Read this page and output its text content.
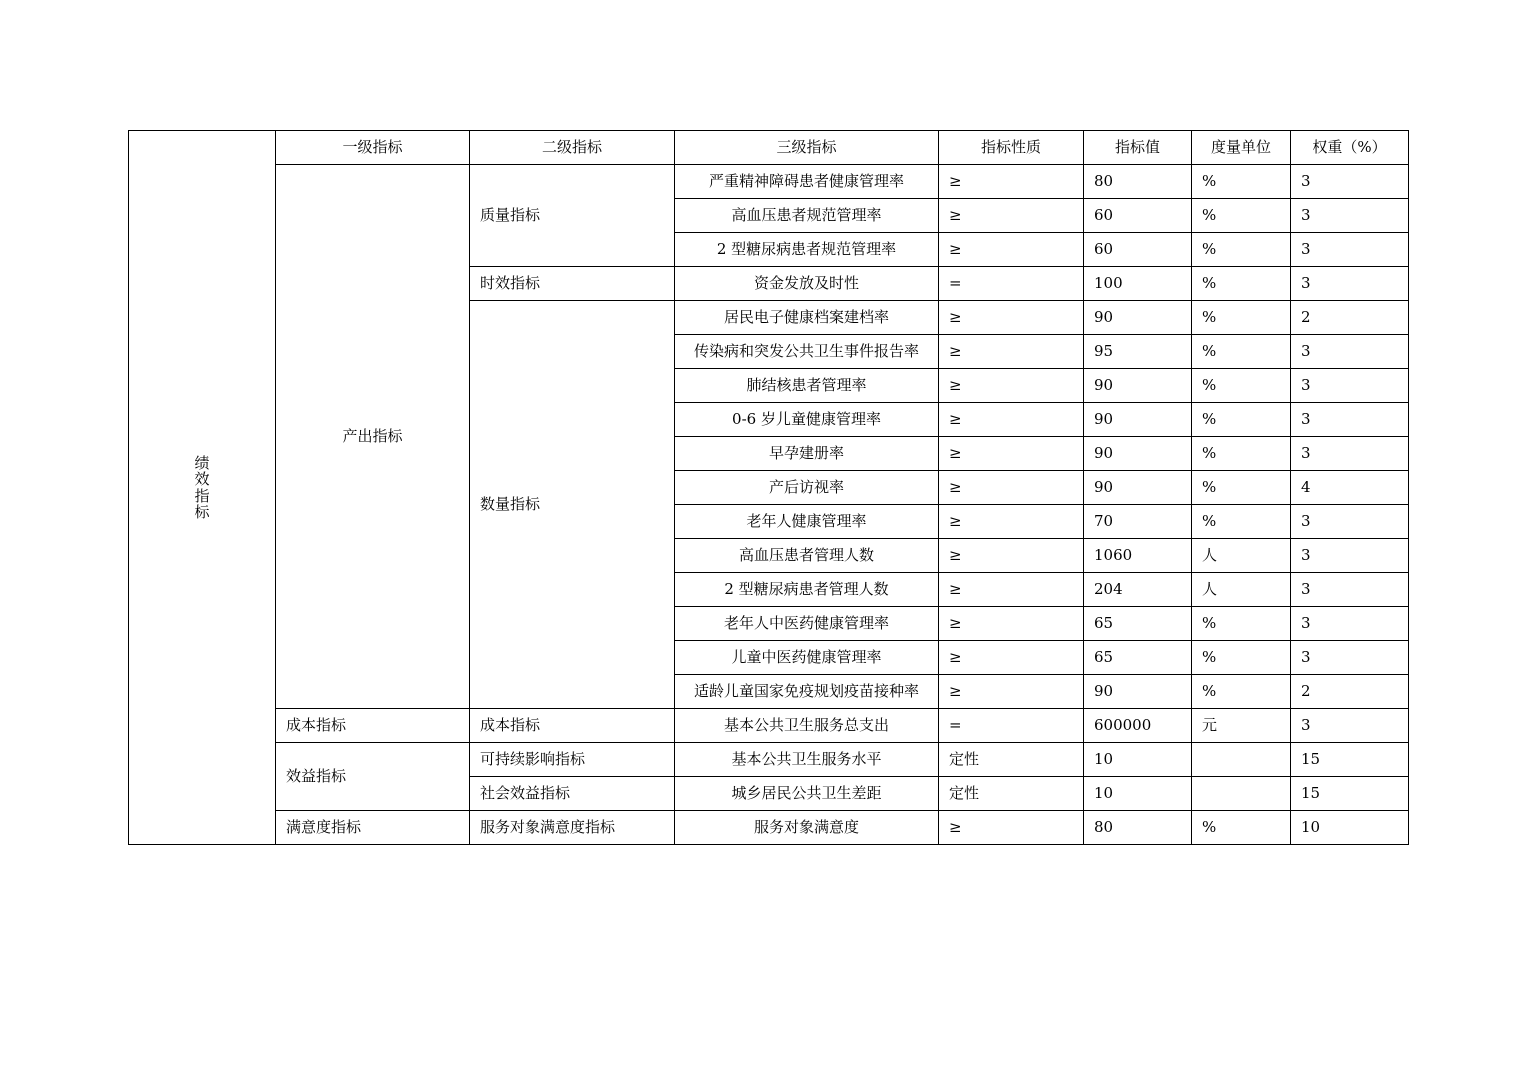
绩
效
指
标	一级指标	二级指标	三级指标	指标性质	指标值	度量单位	权重（%）
	产出指标	质量指标	严重精神障碍患者健康管理率	≥	80	%	3
			高血压患者规范管理率	≥	60	%	3
			2 型糖尿病患者规范管理率	≥	60	%	3
		时效指标	资金发放及时性	=	100	%	3
		数量指标	居民电子健康档案建档率	≥	90	%	2
			传染病和突发公共卫生事件报告率	≥	95	%	3
			肺结核患者管理率	≥	90	%	3
			0-6 岁儿童健康管理率	≥	90	%	3
			早孕建册率	≥	90	%	3
			产后访视率	≥	90	%	4
			老年人健康管理率	≥	70	%	3
			高血压患者管理人数	≥	1060	人	3
			2 型糖尿病患者管理人数	≥	204	人	3
			老年人中医药健康管理率	≥	65	%	3
			儿童中医药健康管理率	≥	65	%	3
			适龄儿童国家免疫规划疫苗接种率	≥	90	%	2
	成本指标	成本指标	基本公共卫生服务总支出	=	600000	元	3
	效益指标	可持续影响指标	基本公共卫生服务水平	定性	10		15
		社会效益指标	城乡居民公共卫生差距	定性	10		15
	满意度指标	服务对象满意度指标	服务对象满意度	≥	80	%	10
